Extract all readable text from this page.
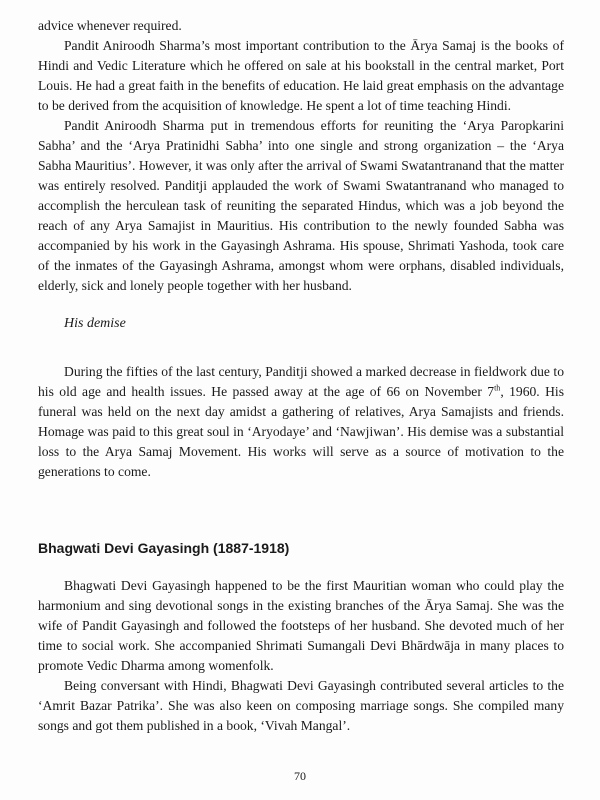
advice whenever required.

Pandit Aniroodh Sharma’s most important contribution to the Ārya Samaj is the books of Hindi and Vedic Literature which he offered on sale at his bookstall in the central market, Port Louis. He had a great faith in the benefits of education. He laid great emphasis on the advantage to be derived from the acquisition of knowledge. He spent a lot of time teaching Hindi.

Pandit Aniroodh Sharma put in tremendous efforts for reuniting the ‘Arya Paropkarini Sabha’ and the ‘Arya Pratinidhi Sabha’ into one single and strong organization – the ‘Arya Sabha Mauritius’. However, it was only after the arrival of Swami Swatantranand that the matter was entirely resolved. Panditji applauded the work of Swami Swatantranand who managed to accomplish the herculean task of reuniting the separated Hindus, which was a job beyond the reach of any Arya Samajist in Mauritius. His contribution to the newly founded Sabha was accompanied by his work in the Gayasingh Ashrama. His spouse, Shrimati Yashoda, took care of the inmates of the Gayasingh Ashrama, amongst whom were orphans, disabled individuals, elderly, sick and lonely people together with her husband.

His demise

During the fifties of the last century, Panditji showed a marked decrease in fieldwork due to his old age and health issues. He passed away at the age of 66 on November 7th, 1960. His funeral was held on the next day amidst a gathering of relatives, Arya Samajists and friends. Homage was paid to this great soul in ‘Aryodaye’ and ‘Nawjiwan’. His demise was a substantial loss to the Arya Samaj Movement. His works will serve as a source of motivation to the generations to come.

Bhagwati Devi Gayasingh (1887-1918)

Bhagwati Devi Gayasingh happened to be the first Mauritian woman who could play the harmonium and sing devotional songs in the existing branches of the Ārya Samaj. She was the wife of Pandit Gayasingh and followed the footsteps of her husband. She devoted much of her time to social work. She accompanied Shrimati Sumangali Devi Bhārdwāja in many places to promote Vedic Dharma among womenfolk.

Being conversant with Hindi, Bhagwati Devi Gayasingh contributed several articles to the ‘Amrit Bazar Patrika’. She was also keen on composing marriage songs. She compiled many songs and got them published in a book, ‘Vivah Mangal’.

70
